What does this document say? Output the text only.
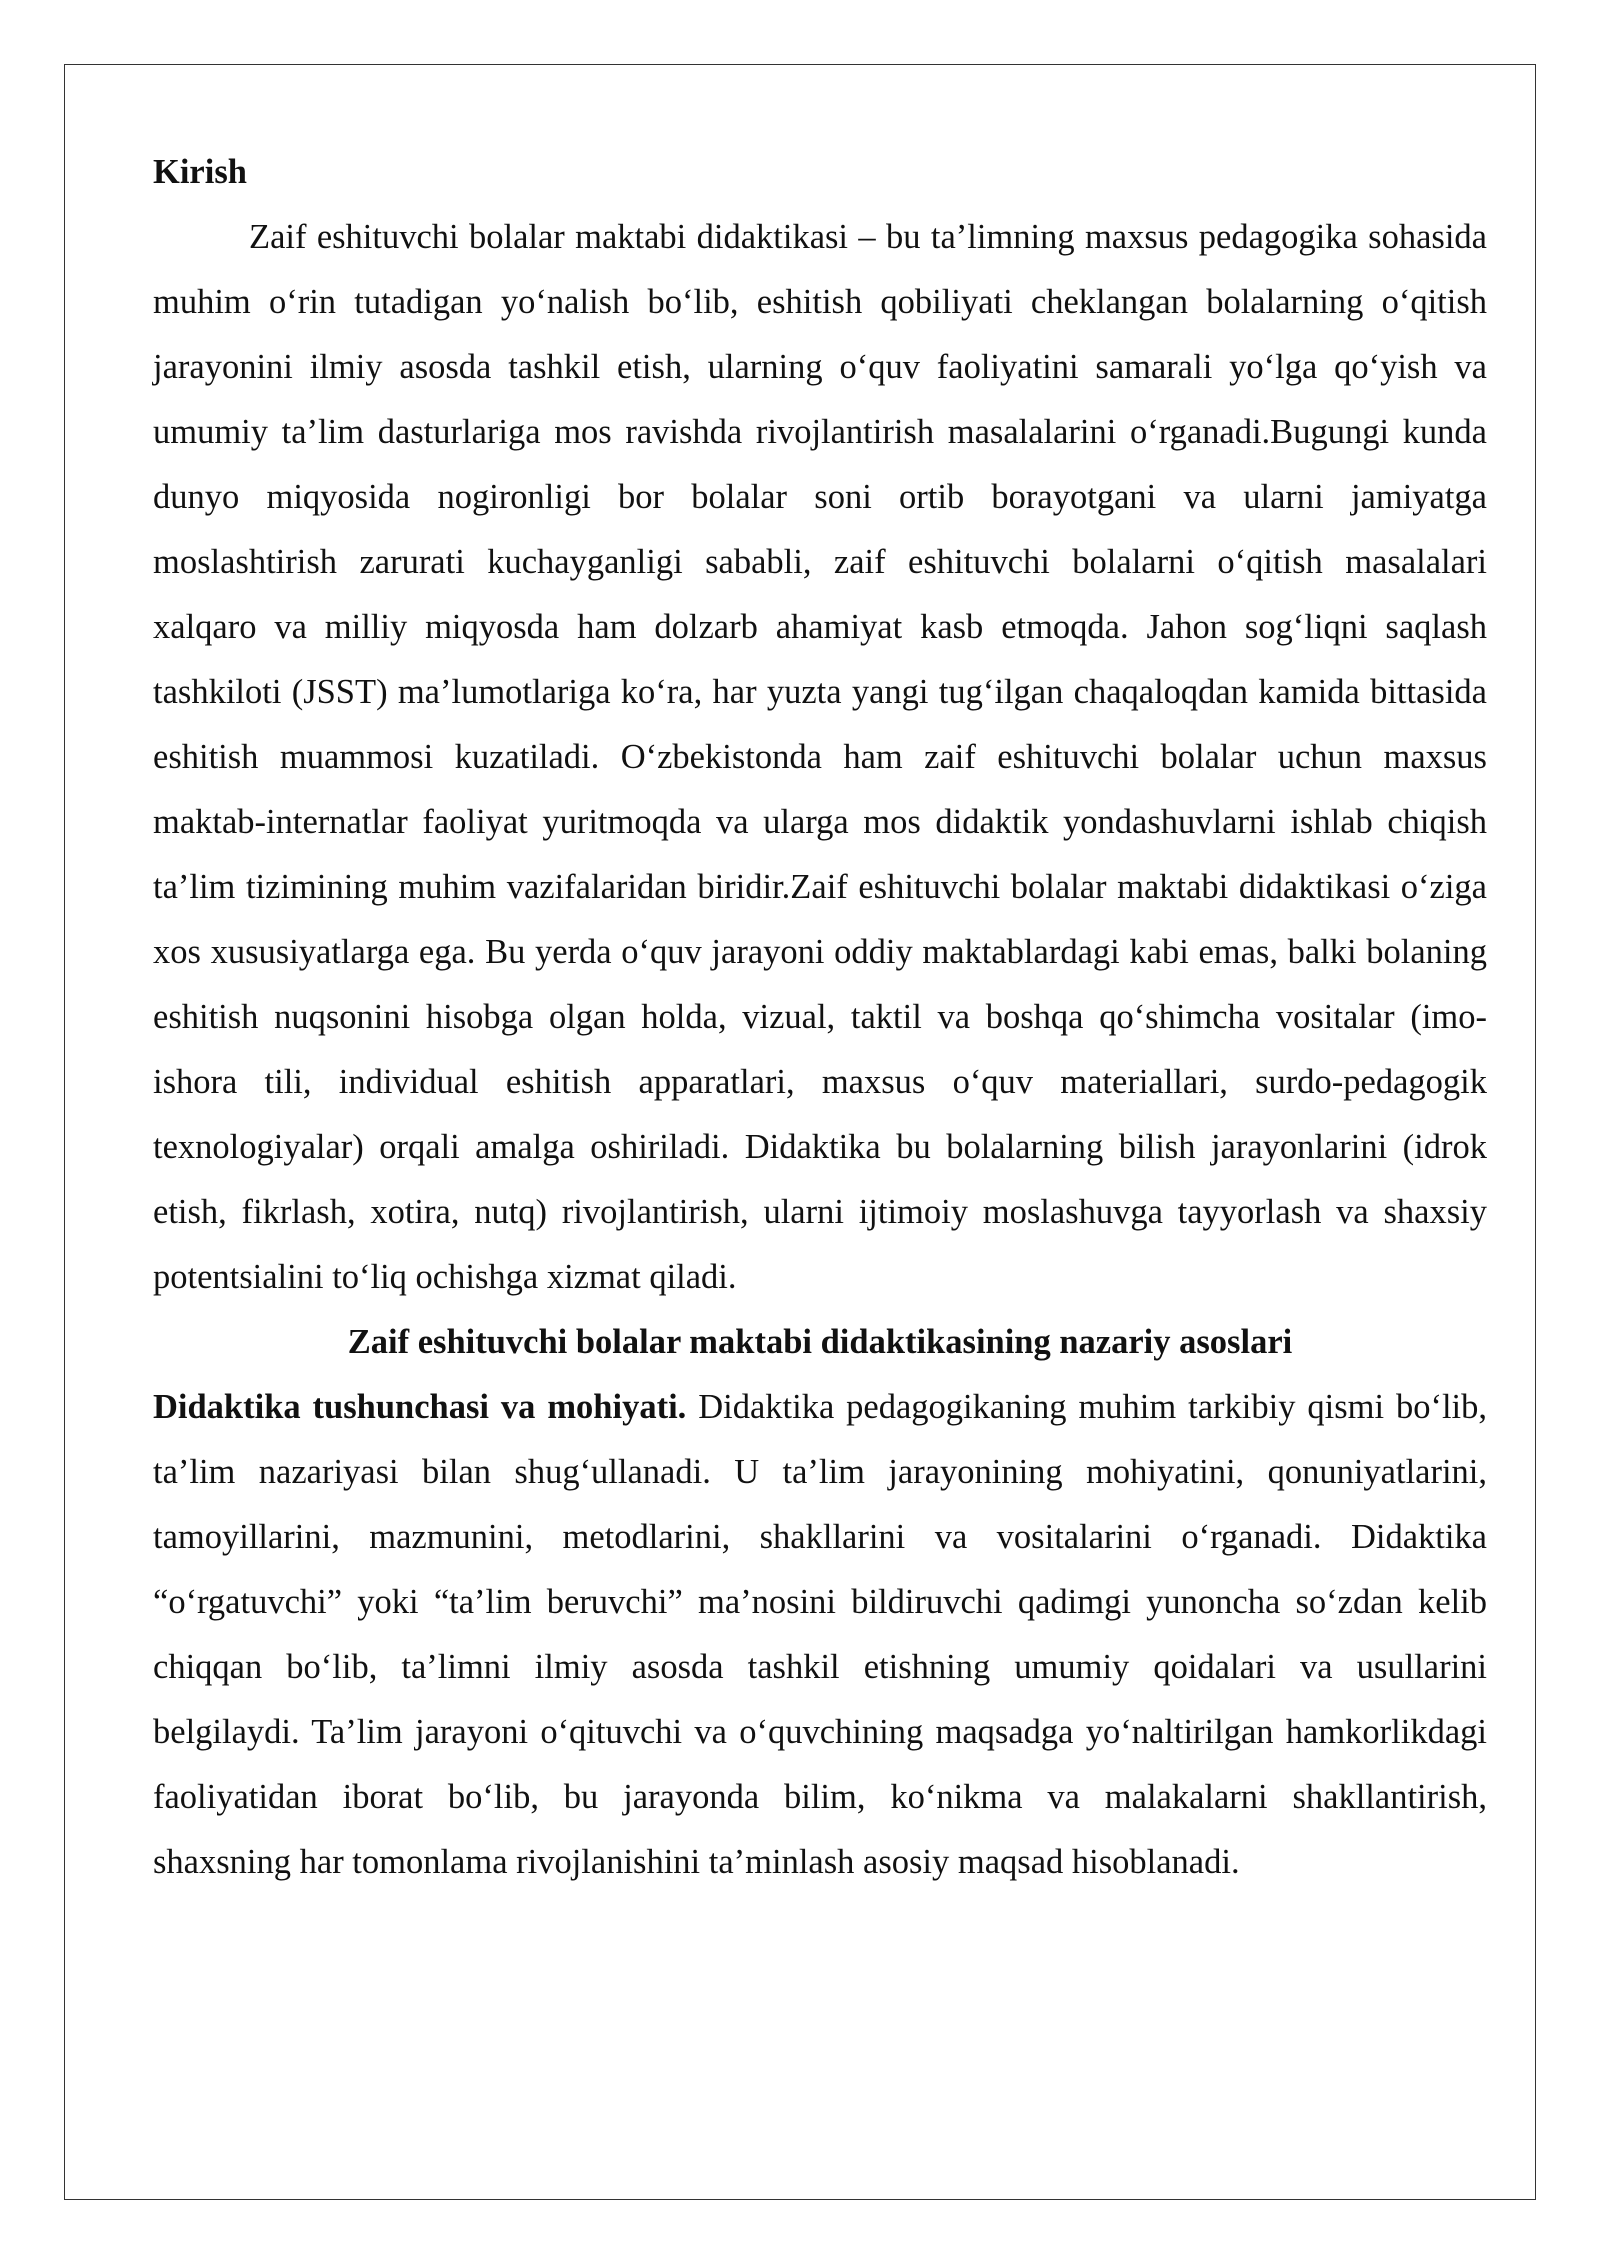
Kirish

Zaif eshituvchi bolalar maktabi didaktikasi – bu ta’limning maxsus pedagogika sohasida muhim o‘rin tutadigan yo‘nalish bo‘lib, eshitish qobiliyati cheklangan bolalarning o‘qitish jarayonini ilmiy asosda tashkil etish, ularning o‘quv faoliyatini samarali yo‘lga qo‘yish va umumiy ta’lim dasturlariga mos ravishda rivojlantirish masalalarini o‘rganadi.Bugungi kunda dunyo miqyosida nogironligi bor bolalar soni ortib borayotgani va ularni jamiyatga moslashtirish zarurati kuchayganligi sababli, zaif eshituvchi bolalarni o‘qitish masalalari xalqaro va milliy miqyosda ham dolzarb ahamiyat kasb etmoqda. Jahon sog‘liqni saqlash tashkiloti (JSST) ma’lumotlariga ko‘ra, har yuzta yangi tug‘ilgan chaqaloqdan kamida bittasida eshitish muammosi kuzatiladi. O‘zbekistonda ham zaif eshituvchi bolalar uchun maxsus maktab-internatlar faoliyat yuritmoqda va ularga mos didaktik yondashuvlarni ishlab chiqish ta’lim tizimining muhim vazifalaridan biridir.Zaif eshituvchi bolalar maktabi didaktikasi o‘ziga xos xususiyatlarga ega. Bu yerda o‘quv jarayoni oddiy maktablardagi kabi emas, balki bolaning eshitish nuqsonini hisobga olgan holda, vizual, taktil va boshqa qo‘shimcha vositalar (imo-ishora tili, individual eshitish apparatlari, maxsus o‘quv materiallari, surdo-pedagogik texnologiyalar) orqali amalga oshiriladi. Didaktika bu bolalarning bilish jarayonlarini (idrok etish, fikrlash, xotira, nutq) rivojlantirish, ularni ijtimoiy moslashuvga tayyorlash va shaxsiy potentsialini to‘liq ochishga xizmat qiladi.

Zaif eshituvchi bolalar maktabi didaktikasining nazariy asoslari

Didaktika tushunchasi va mohiyati. Didaktika pedagogikaning muhim tarkibiy qismi bo‘lib, ta’lim nazariyasi bilan shug‘ullanadi. U ta’lim jarayonining mohiyatini, qonuniyatlarini, tamoyillarini, mazmunini, metodlarini, shakllarini va vositalarini o‘rganadi. Didaktika “o‘rgatuvchi” yoki “ta’lim beruvchi” ma’nosini bildiruvchi qadimgi yunoncha so‘zdan kelib chiqqan bo‘lib, ta’limni ilmiy asosda tashkil etishning umumiy qoidalari va usullarini belgilaydi. Ta’lim jarayoni o‘qituvchi va o‘quvchining maqsadga yo‘naltirilgan hamkorlikdagi faoliyatidan iborat bo‘lib, bu jarayonda bilim, ko‘nikma va malakalarni shakllantirish, shaxsning har tomonlama rivojlanishini ta’minlash asosiy maqsad hisoblanadi.
